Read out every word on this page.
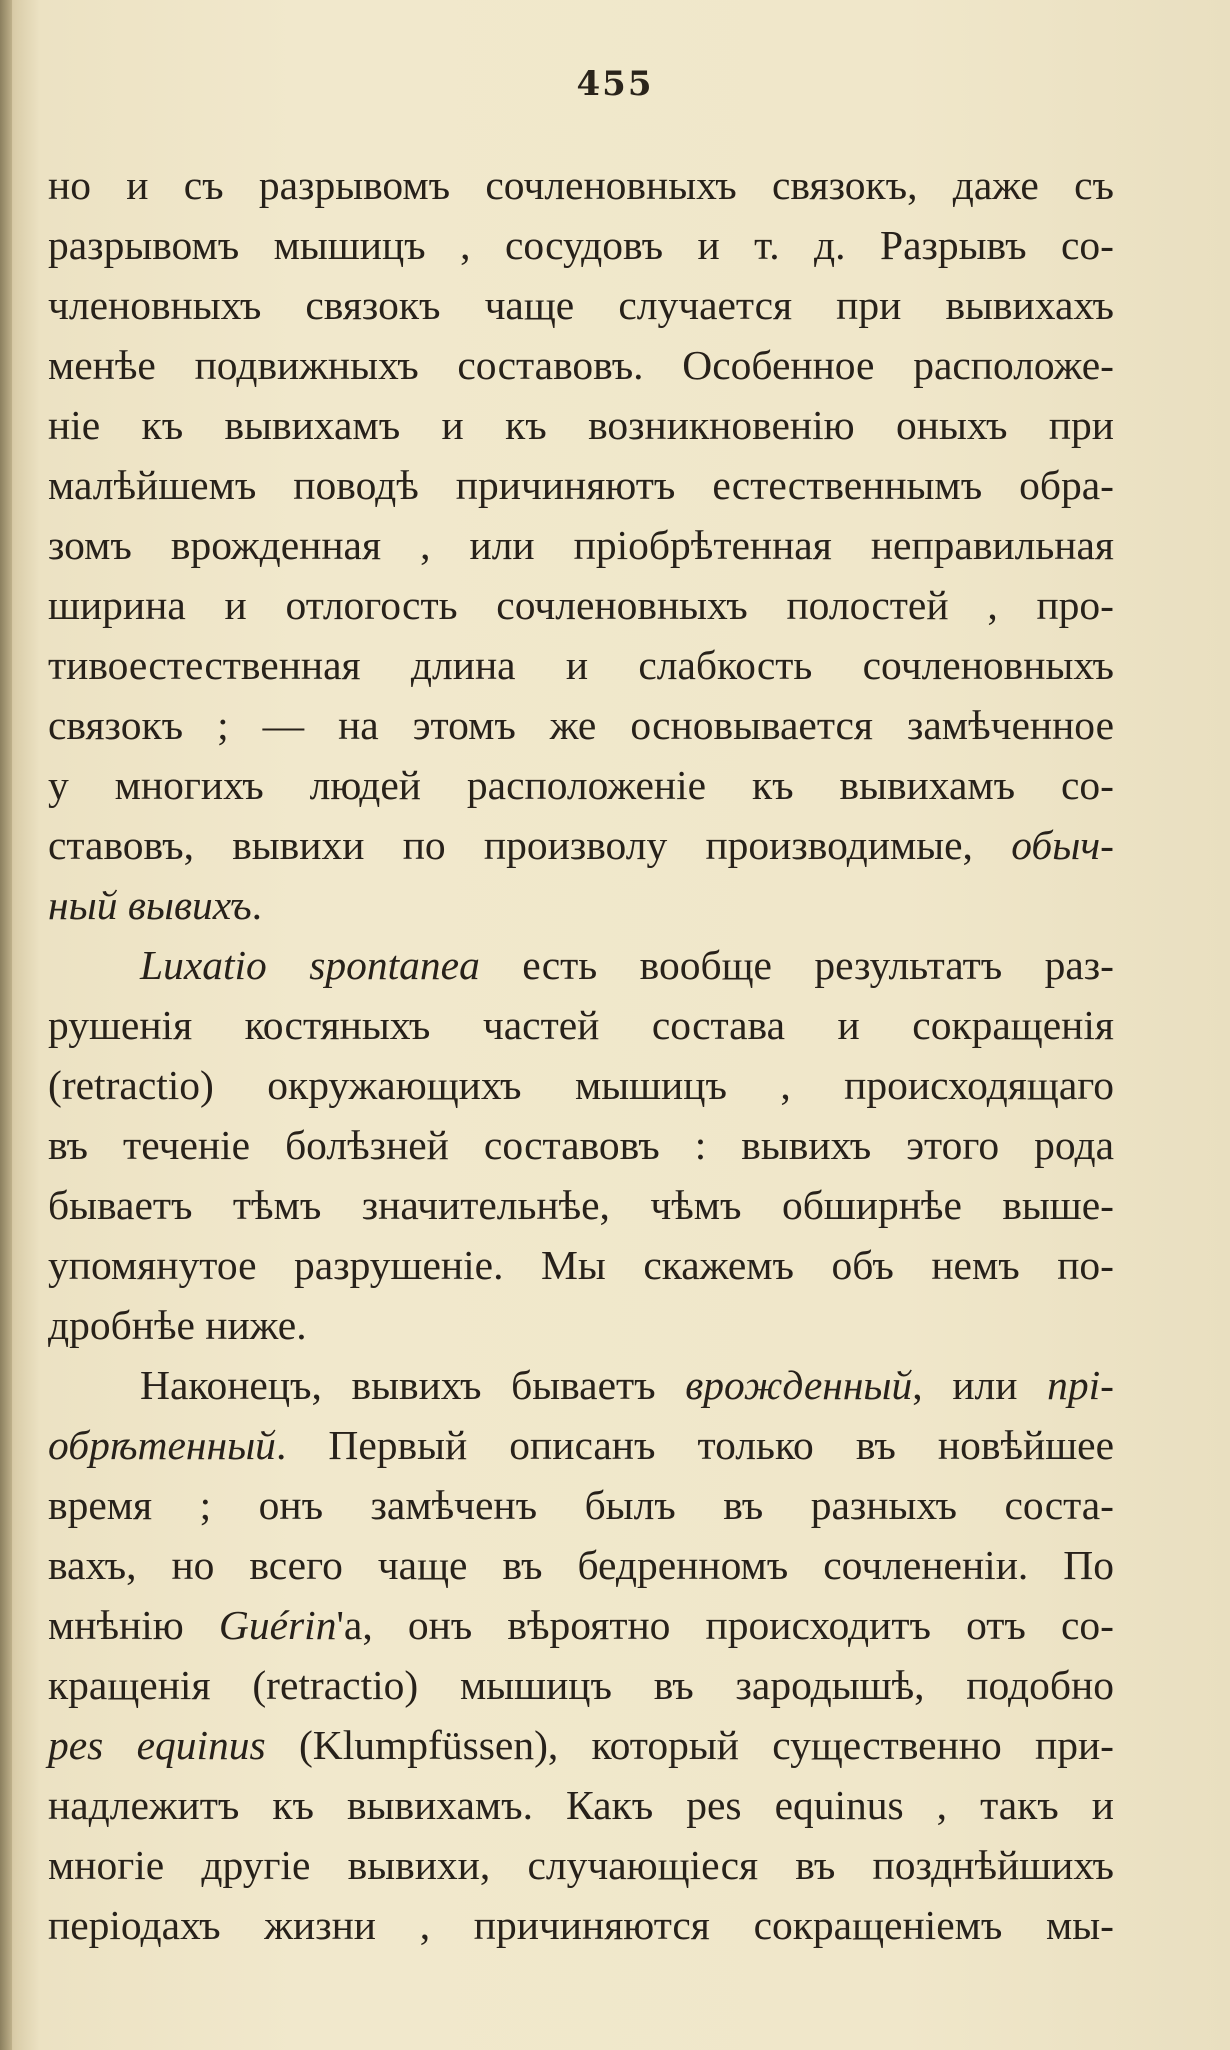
455
но и съ разрывомъ сочленовныхъ связокъ, даже съ
разрывомъ мышицъ , сосудовъ и т. д. Разрывъ со-
членовныхъ связокъ чаще случается при вывихахъ
менѣе подвижныхъ составовъ. Особенное расположе-
ніе къ вывихамъ и къ возникновенію оныхъ при
малѣйшемъ поводѣ причиняютъ естественнымъ обра-
зомъ врожденная , или пріобрѣтенная неправильная
ширина и отлогость сочленовныхъ полостей , про-
тивоестественная длина и слабкость сочленовныхъ
связокъ ; — на этомъ же основывается замѣченное
у многихъ людей расположеніе къ вывихамъ со-
ставовъ, вывихи по произволу производимые, обыч-
ный вывихъ.
Luxatio spontanea есть вообще результатъ раз-
рушенія костяныхъ частей состава и сокращенія
(retractio) окружающихъ мышицъ , происходящаго
въ теченіе болѣзней составовъ : вывихъ этого рода
бываетъ тѣмъ значительнѣе, чѣмъ обширнѣе выше-
упомянутое разрушеніе. Мы скажемъ объ немъ по-
дробнѣе ниже.
Наконецъ, вывихъ бываетъ врожденный, или прі-
обрѣтенный. Первый описанъ только въ новѣйшее
время ; онъ замѣченъ былъ въ разныхъ соста-
вахъ, но всего чаще въ бедренномъ сочлененіи. По
мнѣнію Guérin'а, онъ вѣроятно происходитъ отъ со-
кращенія (retractio) мышицъ въ зародышѣ, подобно
pes equinus (Klumpfüssen), который существенно при-
надлежитъ къ вывихамъ. Какъ pes equinus , такъ и
многіе другіе вывихи, случающіеся въ позднѣйшихъ
періодахъ жизни , причиняются сокращеніемъ мы-
